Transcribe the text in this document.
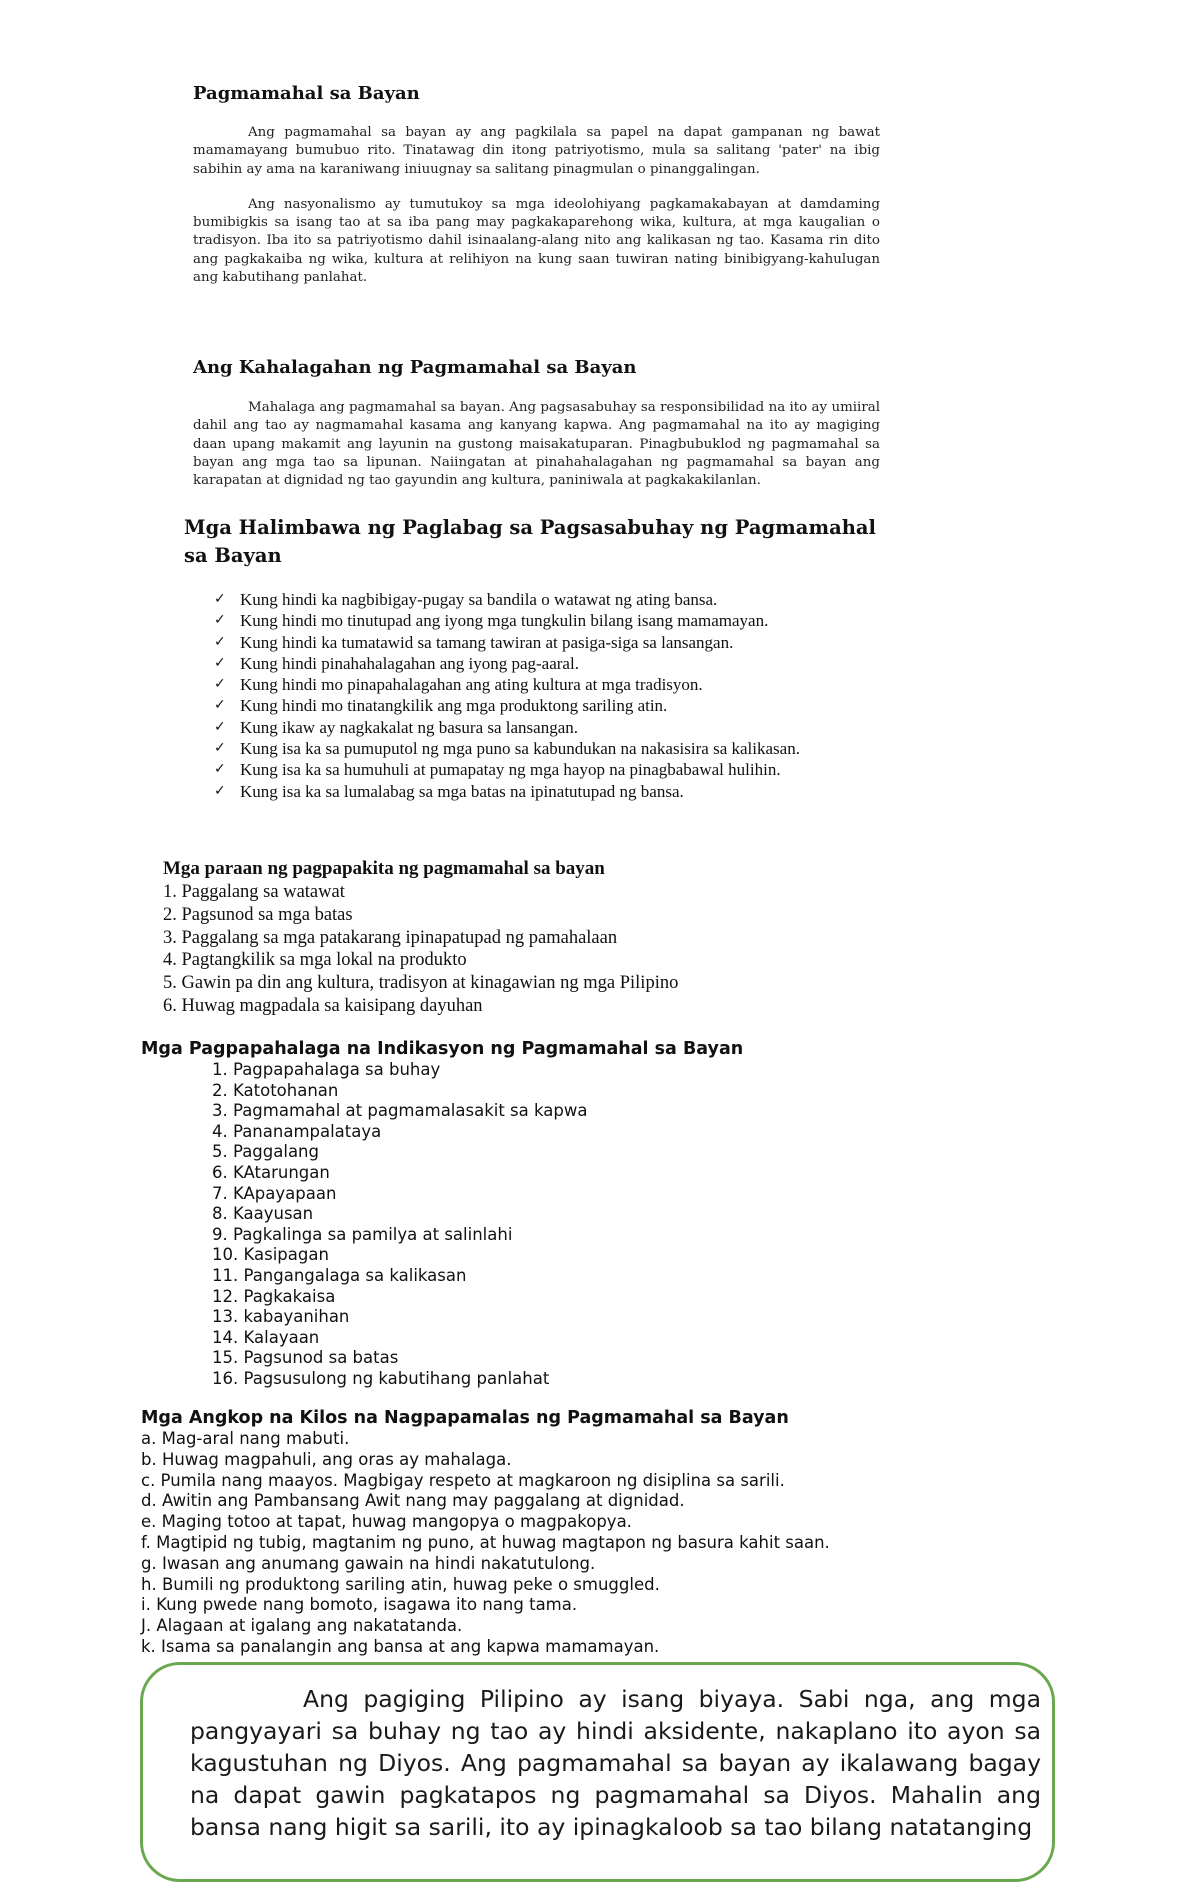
Pagmamahal sa Bayan

Ang pagmamahal sa bayan ay ang pagkilala sa papel na dapat gampanan ng bawat mamamayang bumubuo rito. Tinatawag din itong patriyotismo, mula sa salitang 'pater' na ibig sabihin ay ama na karaniwang iniuugnay sa salitang pinagmulan o pinanggalingan.

Ang nasyonalismo ay tumutukoy sa mga ideolohiyang pagkamakabayan at damdaming bumibigkis sa isang tao at sa iba pang may pagkakaparehong wika, kultura, at mga kaugalian o tradisyon. Iba ito sa patriyotismo dahil isinaalang-alang nito ang kalikasan ng tao. Kasama rin dito ang pagkakaiba ng wika, kultura at relihiyon na kung saan tuwiran nating binibigyang-kahulugan ang kabutihang panlahat.

Ang Kahalagahan ng Pagmamahal sa Bayan

Mahalaga ang pagmamahal sa bayan. Ang pagsasabuhay sa responsibilidad na ito ay umiiral dahil ang tao ay nagmamahal kasama ang kanyang kapwa. Ang pagmamahal na ito ay magiging daan upang makamit ang layunin na gustong maisakatuparan. Pinagbubuklod ng pagmamahal sa bayan ang mga tao sa lipunan. Naiingatan at pinahahalagahan ng pagmamahal sa bayan ang karapatan at dignidad ng tao gayundin ang kultura, paniniwala at pagkakakilanlan.

Mga Halimbawa ng Paglabag sa Pagsasabuhay ng Pagmamahal sa Bayan
✓ Kung hindi ka nagbibigay-pugay sa bandila o watawat ng ating bansa.
✓ Kung hindi mo tinutupad ang iyong mga tungkulin bilang isang mamamayan.
✓ Kung hindi ka tumatawid sa tamang tawiran at pasiga-siga sa lansangan.
✓ Kung hindi pinahahalagahan ang iyong pag-aaral.
✓ Kung hindi mo pinapahalagahan ang ating kultura at mga tradisyon.
✓ Kung hindi mo tinatangkilik ang mga produktong sariling atin.
✓ Kung ikaw ay nagkakalat ng basura sa lansangan.
✓ Kung isa ka sa pumuputol ng mga puno sa kabundukan na nakasisira sa kalikasan.
✓ Kung isa ka sa humuhuli at pumapatay ng mga hayop na pinagbabawal hulihin.
✓ Kung isa ka sa lumalabag sa mga batas na ipinatutupad ng bansa.
Mga paraan ng pagpapakita ng pagmamahal sa bayan
1. Paggalang sa watawat
2. Pagsunod sa mga batas
3. Paggalang sa mga patakarang ipinapatupad ng pamahalaan
4. Pagtangkilik sa mga lokal na produkto
5. Gawin pa din ang kultura, tradisyon at kinagawian ng mga Pilipino
6. Huwag magpadala sa kaisipang dayuhan
Mga Pagpapahalaga na Indikasyon ng Pagmamahal sa Bayan
1. Pagpapahalaga sa buhay
2. Katotohanan
3. Pagmamahal at pagmamalasakit sa kapwa
4. Pananampalataya
5. Paggalang
6. KAtarungan
7. KApayapaan
8. Kaayusan
9. Pagkalinga sa pamilya at salinlahi
10. Kasipagan
11. Pangangalaga sa kalikasan
12. Pagkakaisa
13. kabayanihan
14. Kalayaan
15. Pagsunod sa batas
16. Pagsusulong ng kabutihang panlahat
Mga Angkop na Kilos na Nagpapamalas ng Pagmamahal sa Bayan
a. Mag-aral nang mabuti.
b. Huwag magpahuli, ang oras ay mahalaga.
c. Pumila nang maayos. Magbigay respeto at magkaroon ng disiplina sa sarili.
d. Awitin ang Pambansang Awit nang may paggalang at dignidad.
e. Maging totoo at tapat, huwag mangopya o magpakopya.
f. Magtipid ng tubig, magtanim ng puno, at huwag magtapon ng basura kahit saan.
g. Iwasan ang anumang gawain na hindi nakatutulong.
h. Bumili ng produktong sariling atin, huwag peke o smuggled.
i. Kung pwede nang bomoto, isagawa ito nang tama.
J. Alagaan at igalang ang nakatatanda.
k. Isama sa panalangin ang bansa at ang kapwa mamamayan.
Ang pagiging Pilipino ay isang biyaya. Sabi nga, ang mga pangyayari sa buhay ng tao ay hindi aksidente, nakaplano ito ayon sa kagustuhan ng Diyos. Ang pagmamahal sa bayan ay ikalawang bagay na dapat gawin pagkatapos ng pagmamahal sa Diyos. Mahalin ang bansa nang higit sa sarili, ito ay ipinagkaloob sa tao bilang natatanging
